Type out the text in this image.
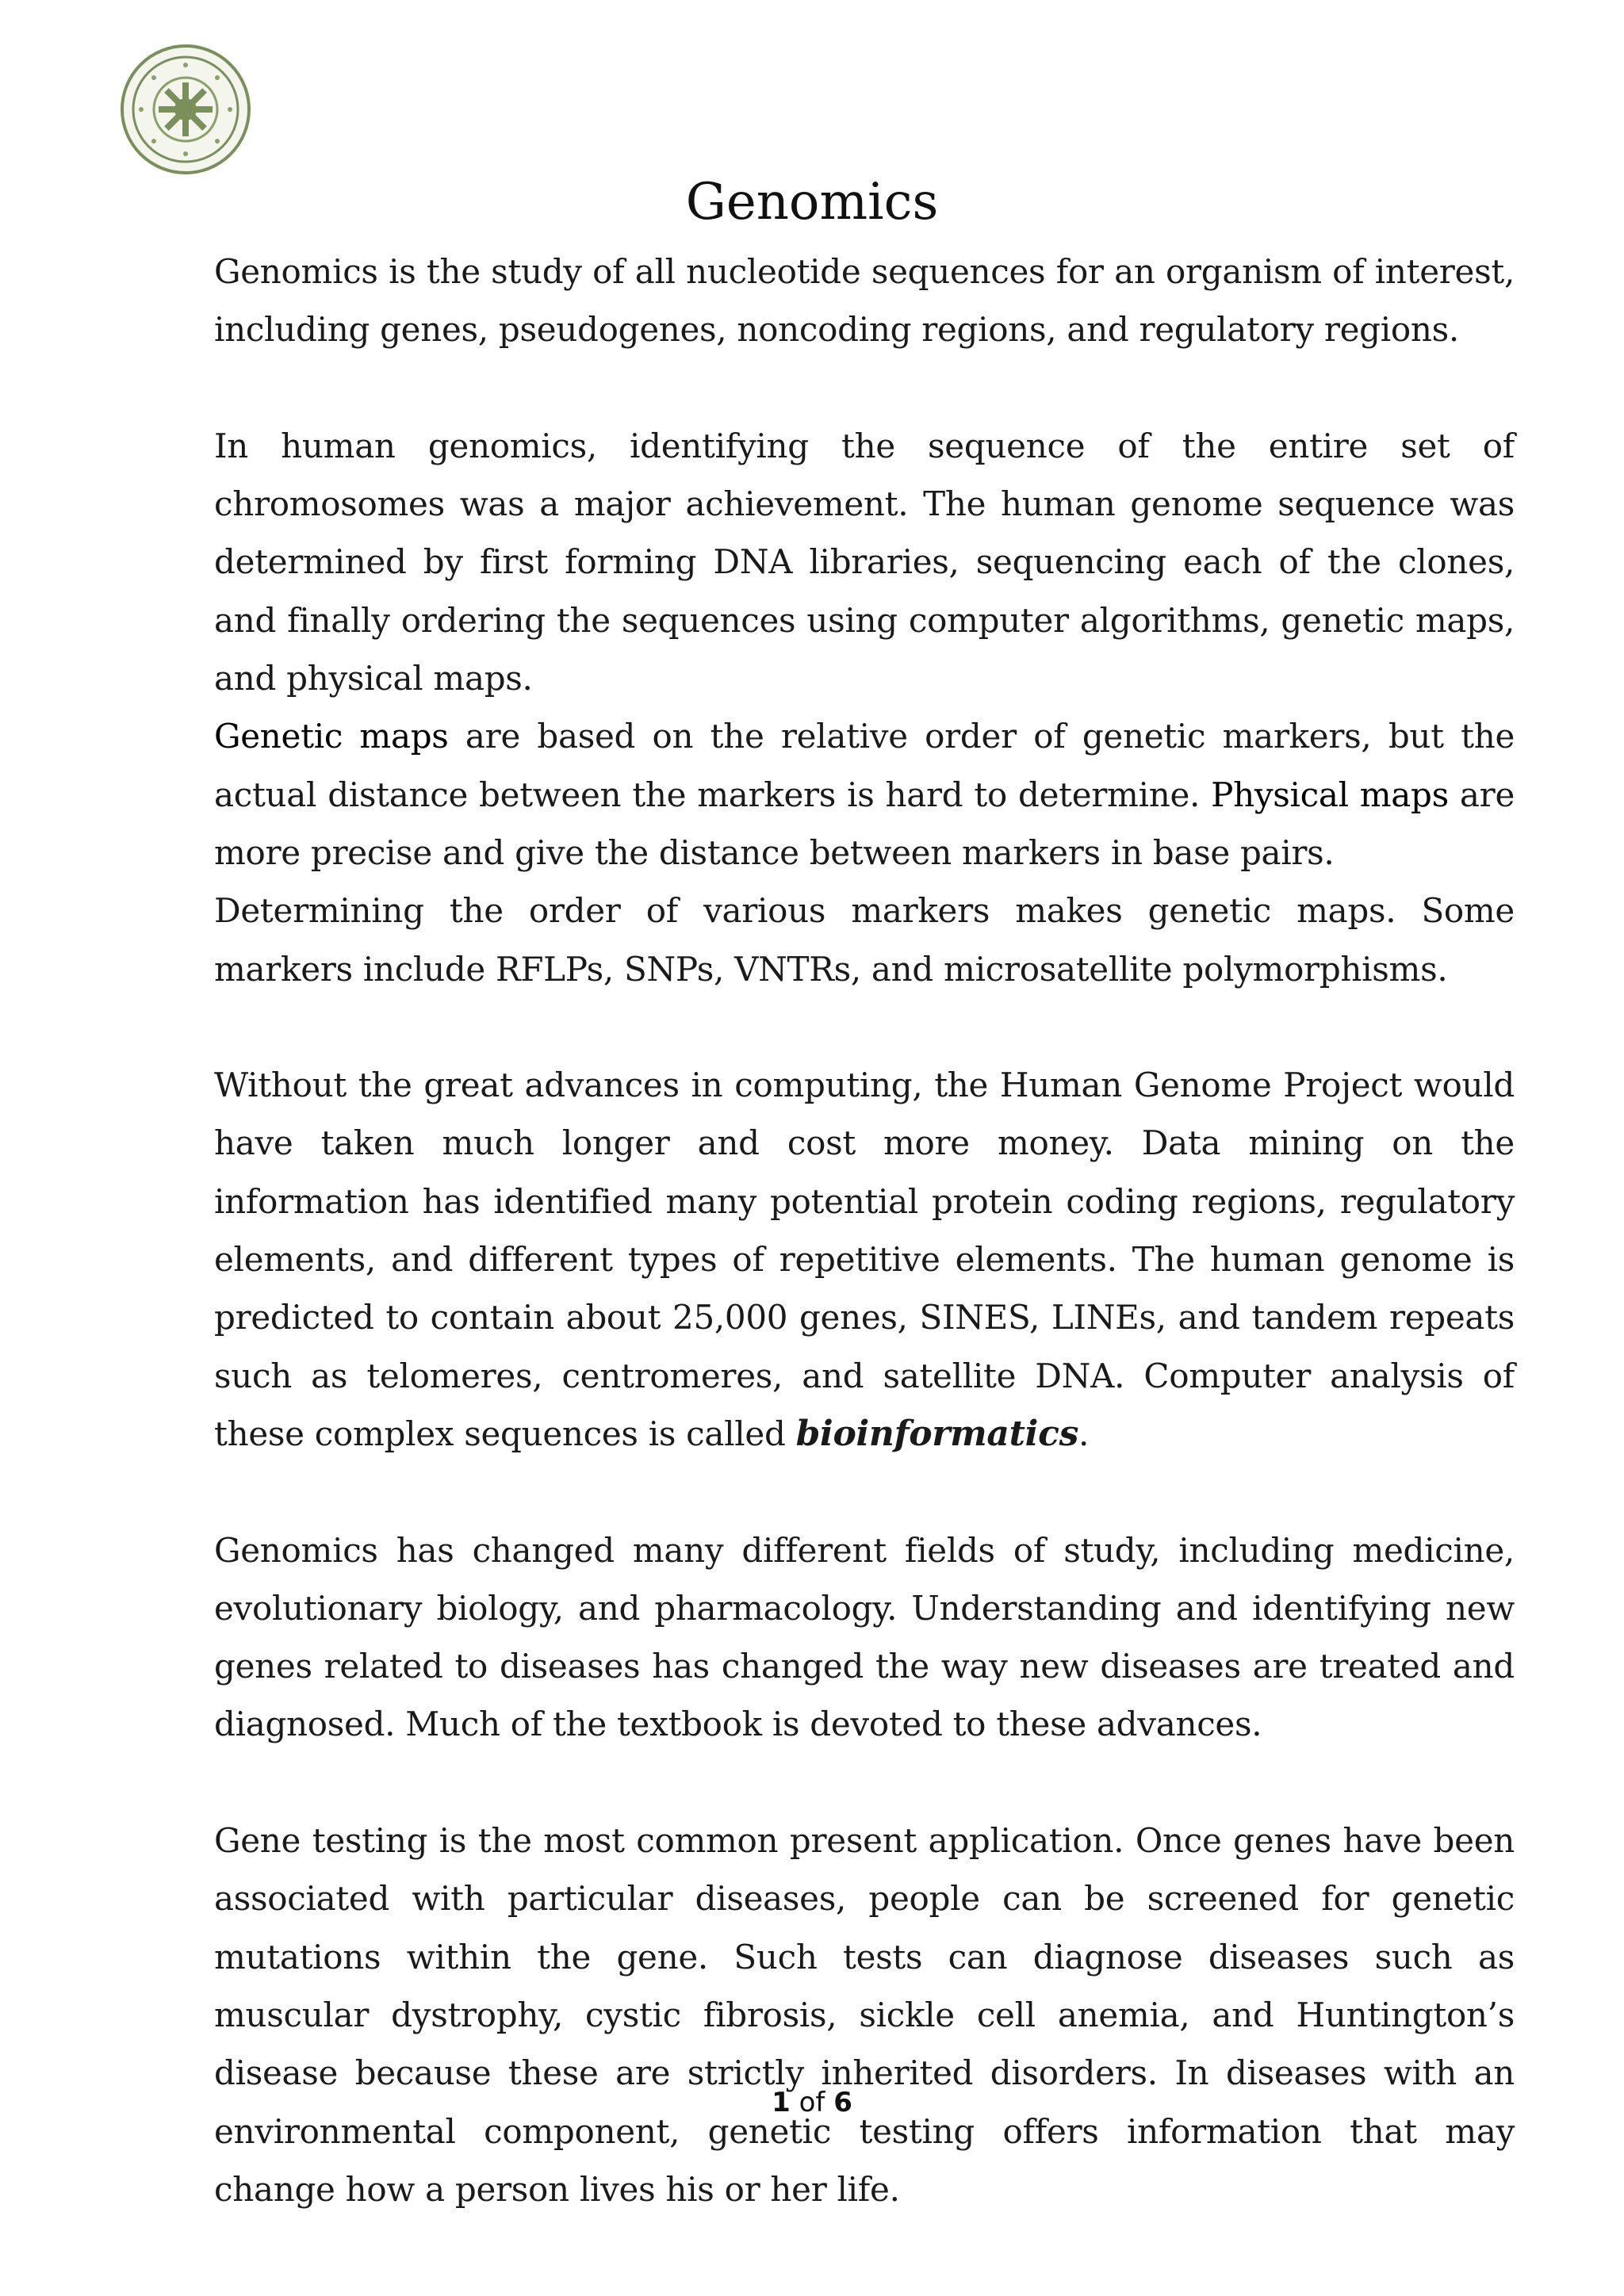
Genomics

Genomics is the study of all nucleotide sequences for an organism of interest, including genes, pseudogenes, noncoding regions, and regulatory regions.

In human genomics, identifying the sequence of the entire set of chromosomes was a major achievement. The human genome sequence was determined by first forming DNA libraries, sequencing each of the clones, and finally ordering the sequences using computer algorithms, genetic maps, and physical maps.

Genetic maps are based on the relative order of genetic markers, but the actual distance between the markers is hard to determine. Physical maps are more precise and give the distance between markers in base pairs.

Determining the order of various markers makes genetic maps. Some markers include RFLPs, SNPs, VNTRs, and microsatellite polymorphisms.

Without the great advances in computing, the Human Genome Project would have taken much longer and cost more money. Data mining on the information has identified many potential protein coding regions, regulatory elements, and different types of repetitive elements. The human genome is predicted to contain about 25,000 genes, SINES, LINEs, and tandem repeats such as telomeres, centromeres, and satellite DNA. Computer analysis of these complex sequences is called bioinformatics.

Genomics has changed many different fields of study, including medicine, evolutionary biology, and pharmacology. Understanding and identifying new genes related to diseases has changed the way new diseases are treated and diagnosed. Much of the textbook is devoted to these advances.

Gene testing is the most common present application. Once genes have been associated with particular diseases, people can be screened for genetic mutations within the gene. Such tests can diagnose diseases such as muscular dystrophy, cystic fibrosis, sickle cell anemia, and Huntington’s disease because these are strictly inherited disorders. In diseases with an environmental component, genetic testing offers information that may change how a person lives his or her life.

1 of 6
